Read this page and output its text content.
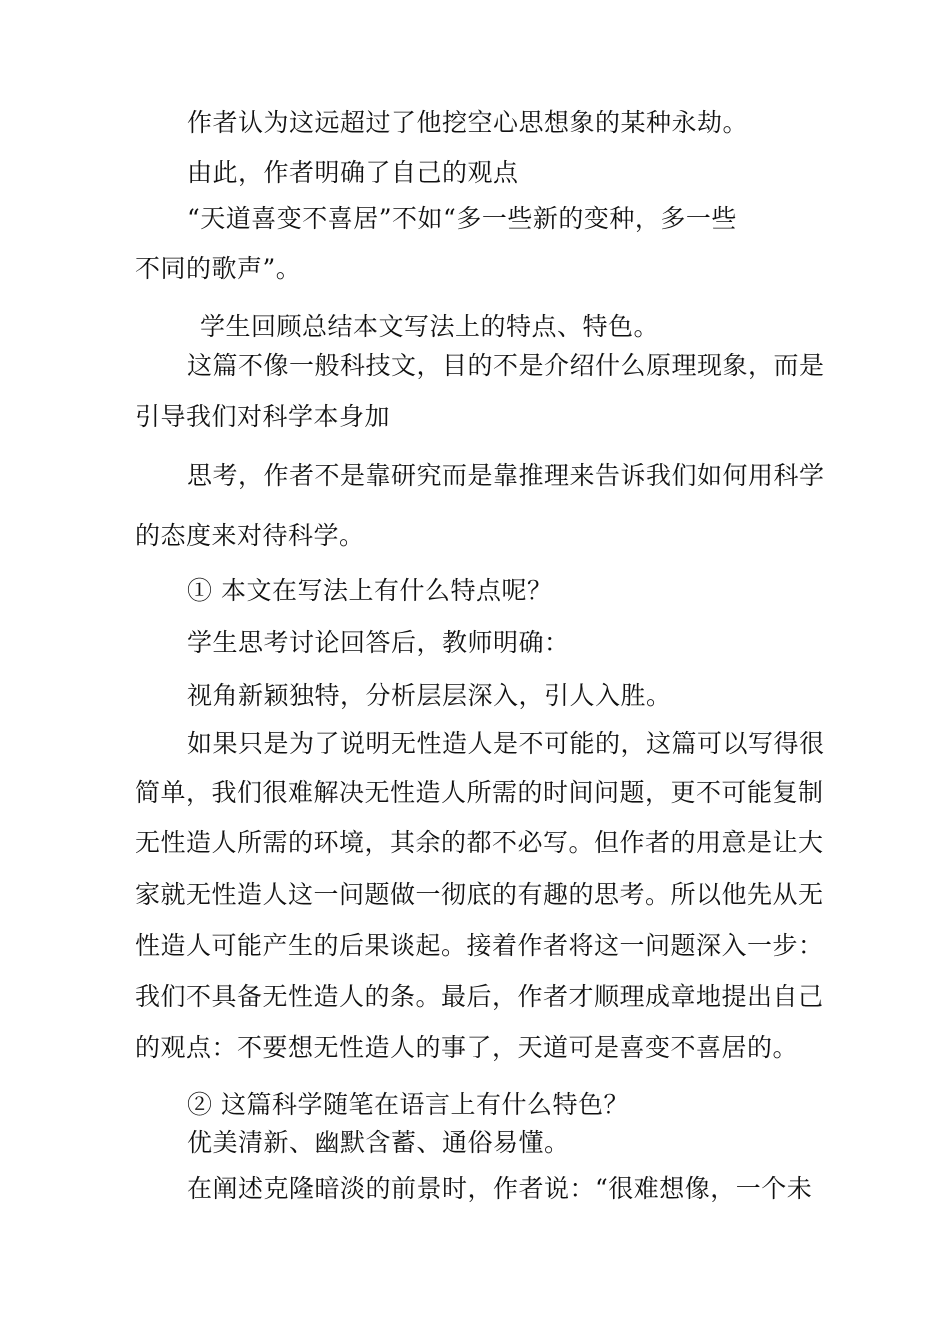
作者认为这远超过了他挖空心思想象的某种永劫。
由此，作者明确了自己的观点
“天道喜变不喜居”不如“多一些新的变种，多一些
不同的歌声”。
学生回顾总结本文写法上的特点、特色。
这篇不像一般科技文，目的不是介绍什么原理现象，而是
引导我们对科学本身加
思考，作者不是靠研究而是靠推理来告诉我们如何用科学
的态度来对待科学。
① 本文在写法上有什么特点呢？
学生思考讨论回答后，教师明确：
视角新颖独特，分析层层深入，引人入胜。
如果只是为了说明无性造人是不可能的，这篇可以写得很
简单，我们很难解决无性造人所需的时间问题，更不可能复制
无性造人所需的环境，其余的都不必写。但作者的用意是让大
家就无性造人这一问题做一彻底的有趣的思考。所以他先从无
性造人可能产生的后果谈起。接着作者将这一问题深入一步：
我们不具备无性造人的条。最后，作者才顺理成章地提出自己
的观点：不要想无性造人的事了，天道可是喜变不喜居的。
② 这篇科学随笔在语言上有什么特色？
优美清新、幽默含蓄、通俗易懂。
在阐述克隆暗淡的前景时，作者说：“很难想像，一个未
